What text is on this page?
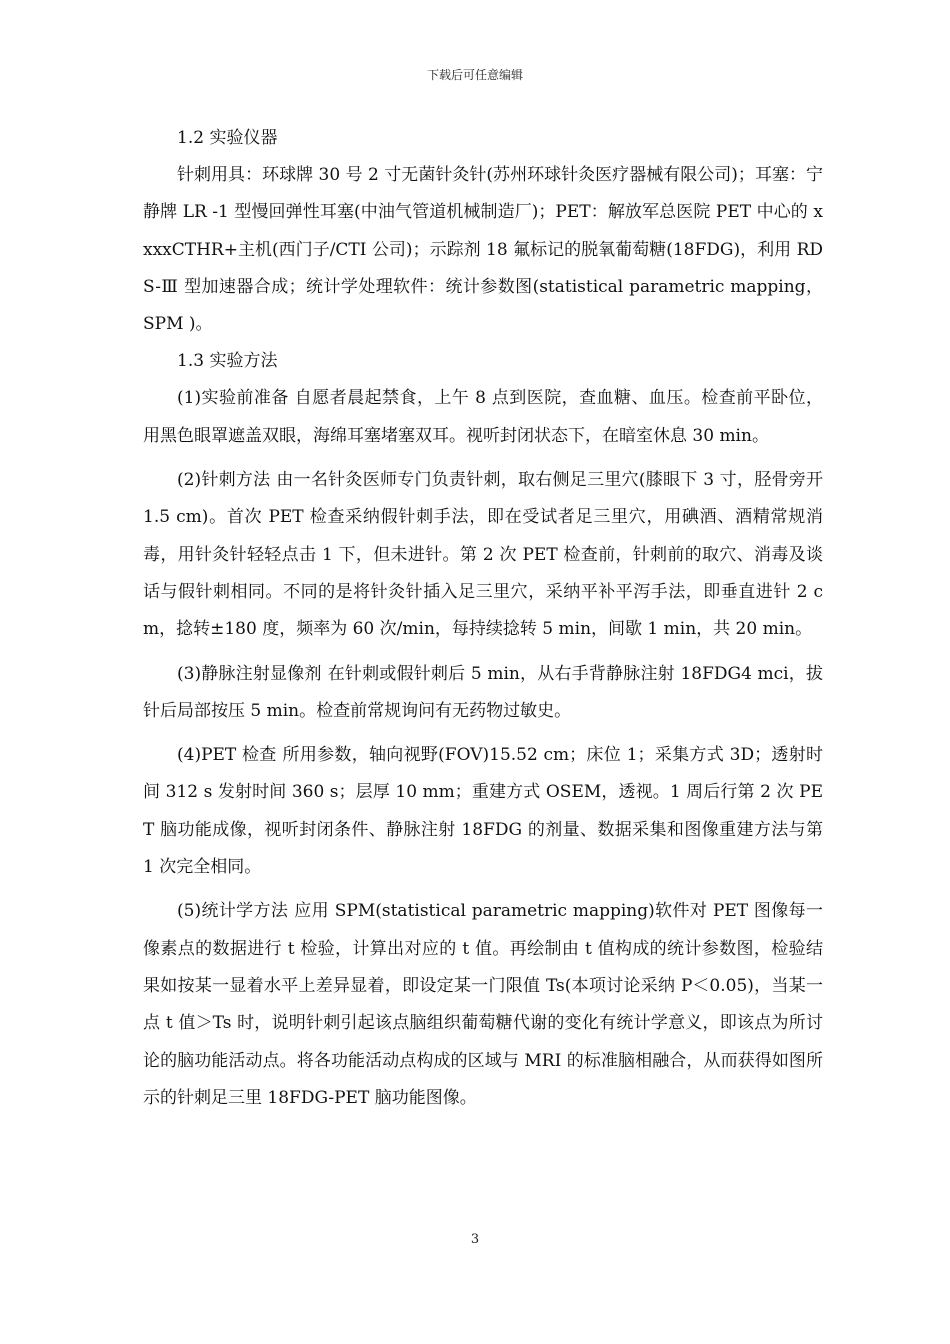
下载后可任意编辑

1.2 实验仪器

针刺用具：环球牌 30 号 2 寸无菌针灸针(苏州环球针灸医疗器械有限公司)；耳塞：宁静牌 LR -1 型慢回弹性耳塞(中油气管道机械制造厂)；PET：解放军总医院 PET 中心的 xxxxCTHR+主机(西门子/CTI 公司)；示踪剂 18 氟标记的脱氧葡萄糖(18FDG)，利用 RDS-Ⅲ 型加速器合成；统计学处理软件：统计参数图(statistical parametric mapping，SPM )。

1.3 实验方法

(1)实验前准备 自愿者晨起禁食，上午 8 点到医院，查血糖、血压。检查前平卧位，用黑色眼罩遮盖双眼，海绵耳塞堵塞双耳。视听封闭状态下，在暗室休息 30 min。

(2)针刺方法 由一名针灸医师专门负责针刺，取右侧足三里穴(膝眼下 3 寸，胫骨旁开 1.5 cm)。首次 PET 检查采纳假针刺手法，即在受试者足三里穴，用碘酒、酒精常规消毒，用针灸针轻轻点击 1 下，但未进针。第 2 次 PET 检查前，针刺前的取穴、消毒及谈话与假针刺相同。不同的是将针灸针插入足三里穴，采纳平补平泻手法，即垂直进针 2 cm，捻转±180 度，频率为 60 次/min，每持续捻转 5 min，间歇 1 min，共 20 min。

(3)静脉注射显像剂 在针刺或假针刺后 5 min，从右手背静脉注射 18FDG4 mci，拔针后局部按压 5 min。检查前常规询问有无药物过敏史。

(4)PET 检查 所用参数，轴向视野(FOV)15.52 cm；床位 1；采集方式 3D；透射时间 312 s 发射时间 360 s；层厚 10 mm；重建方式 OSEM，透视。1 周后行第 2 次 PET 脑功能成像，视听封闭条件、静脉注射 18FDG 的剂量、数据采集和图像重建方法与第 1 次完全相同。

(5)统计学方法 应用 SPM(statistical parametric mapping)软件对 PET 图像每一像素点的数据进行 t 检验，计算出对应的 t 值。再绘制由 t 值构成的统计参数图，检验结果如按某一显着水平上差异显着，即设定某一门限值 Ts(本项讨论采纳 P＜0.05)，当某一点 t 值＞Ts 时，说明针刺引起该点脑组织葡萄糖代谢的变化有统计学意义，即该点为所讨论的脑功能活动点。将各功能活动点构成的区域与 MRI 的标准脑相融合，从而获得如图所示的针刺足三里 18FDG-PET 脑功能图像。

3
